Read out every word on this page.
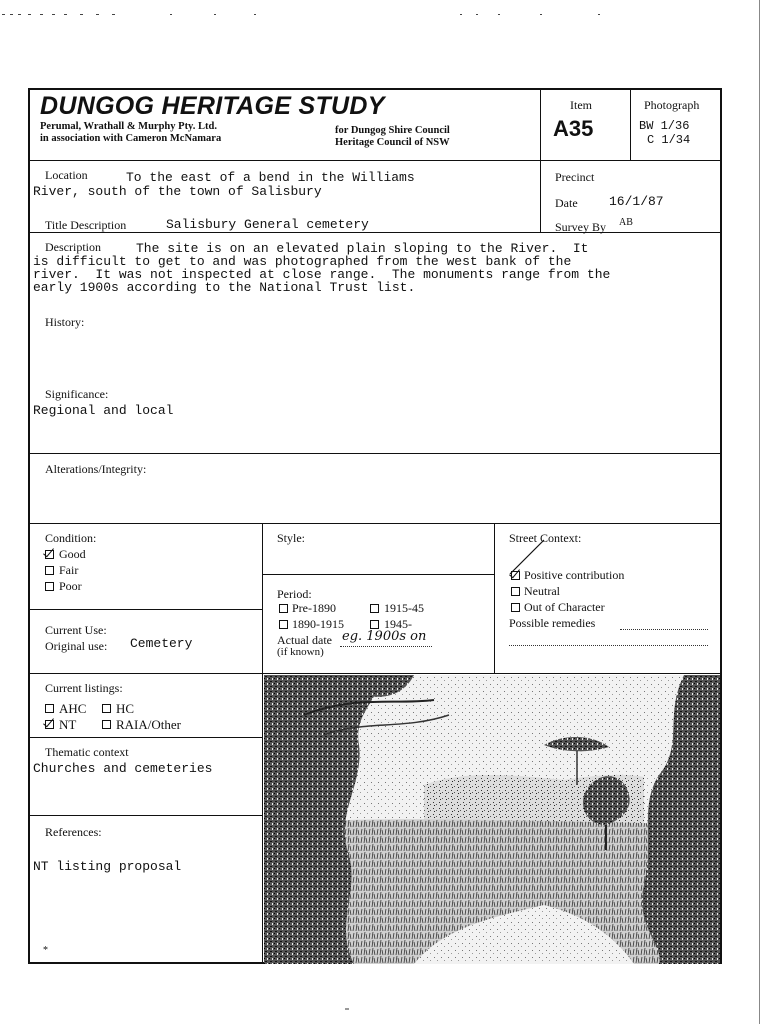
DUNGOG HERITAGE STUDY
Perumal, Wrathall & Murphy Pty. Ltd.
in association with Cameron McNamara
for Dungog Shire Council
Heritage Council of NSW
Item
A35
Photograph
BW 1/36
C 1/34
Location	To the east of a bend in the Williams
River, south of the town of Salisbury
Title Description	Salisbury General cemetery
Precinct
Date 16/1/87
Survey By AB
Description	The site is on an elevated plain sloping to the River.  It
is difficult to get to and was photographed from the west bank of the
river.  It was not inspected at close range.  The monuments range from the
early 1900s according to the National Trust list.
History:
Significance:
Regional and local
Alterations/Integrity:
Condition:
Good
Fair
Poor
Current Use:
Original use: Cemetery
Style:
Period:
Pre-1890	1915-45
1890-1915	1945-
Actual date eg. 1900s on
(if known)
Street Context:
Positive contribution
Neutral
Out of Character
Possible remedies
Current listings:
AHC HC
NT	RAIA/Other
Thematic context
Churches and cemeteries
References:
NT listing proposal
*
